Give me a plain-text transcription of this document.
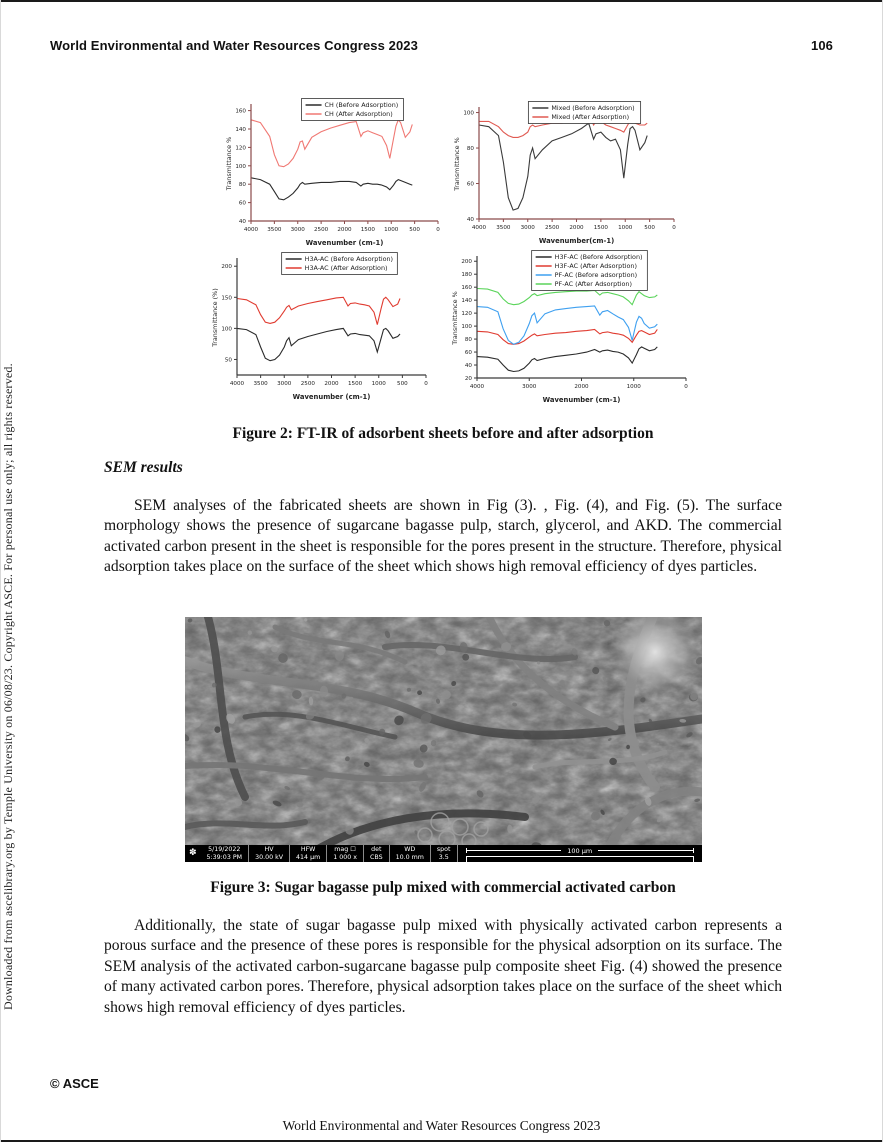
World Environmental and Water Resources Congress 2023	106
Downloaded from ascelibrary.org by Temple University on 06/08/23. Copyright ASCE. For personal use only; all rights reserved.
4000 3500 3000 2500 2000 1500 1000 500	0
40
60
80
100
120
140
160
Wavenumber (cm-1)
Transmittance %
CH (Before Adsorption)
CH (After Adsorption)
4000 3500 3000 2500 2000 1500 1000 500	0
40
60
80
100
Wavenumber(cm-1)
Transmittance %
Mixed (Before Adsorption)
Mixed (After Adsorption)
4000 3500 3000 2500 2000 1500 1000 500	0
50
100
150
200
Wavenumber (cm-1)
Transmittance (%)
H3A-AC (Before Adsorption)
H3A-AC (After Adsorption)
4000	3000	2000	1000	0
20
40
60
80
100
120
140
160
180
200
Wavenumber (cm-1)
Transmittance %
H3F-AC (Before Adsorption)
H3F-AC (After Adsorption)
PF-AC (Before adsorption)
PF-AC (After Adsorption)
Figure 2: FT-IR of adsorbent sheets before and after adsorption
SEM results
SEM analyses of the fabricated sheets are shown in Fig (3). , Fig. (4), and Fig. (5). The surface morphology shows the presence of sugarcane bagasse pulp, starch, glycerol, and AKD. The commercial activated carbon present in the sheet is responsible for the pores present in the structure. Therefore, physical adsorption takes place on the surface of the sheet which shows high removal efficiency of dyes particles.
✽	5/19/2022
5:39:03 PM
HV
30.00 kV
HFW
414 μm
mag ☐
1 000 x
det
CBS
WD
10.0 mm
spot
3.5
100 μm
Figure 3: Sugar bagasse pulp mixed with commercial activated carbon
Additionally, the state of sugar bagasse pulp mixed with physically activated carbon represents a porous surface and the presence of these pores is responsible for the physical adsorption on its surface. The SEM analysis of the activated carbon-sugarcane bagasse pulp composite sheet Fig. (4) showed the presence of many activated carbon pores. Therefore, physical adsorption takes place on the surface of the sheet which shows high removal efficiency of dyes particles.
© ASCE
World Environmental and Water Resources Congress 2023
